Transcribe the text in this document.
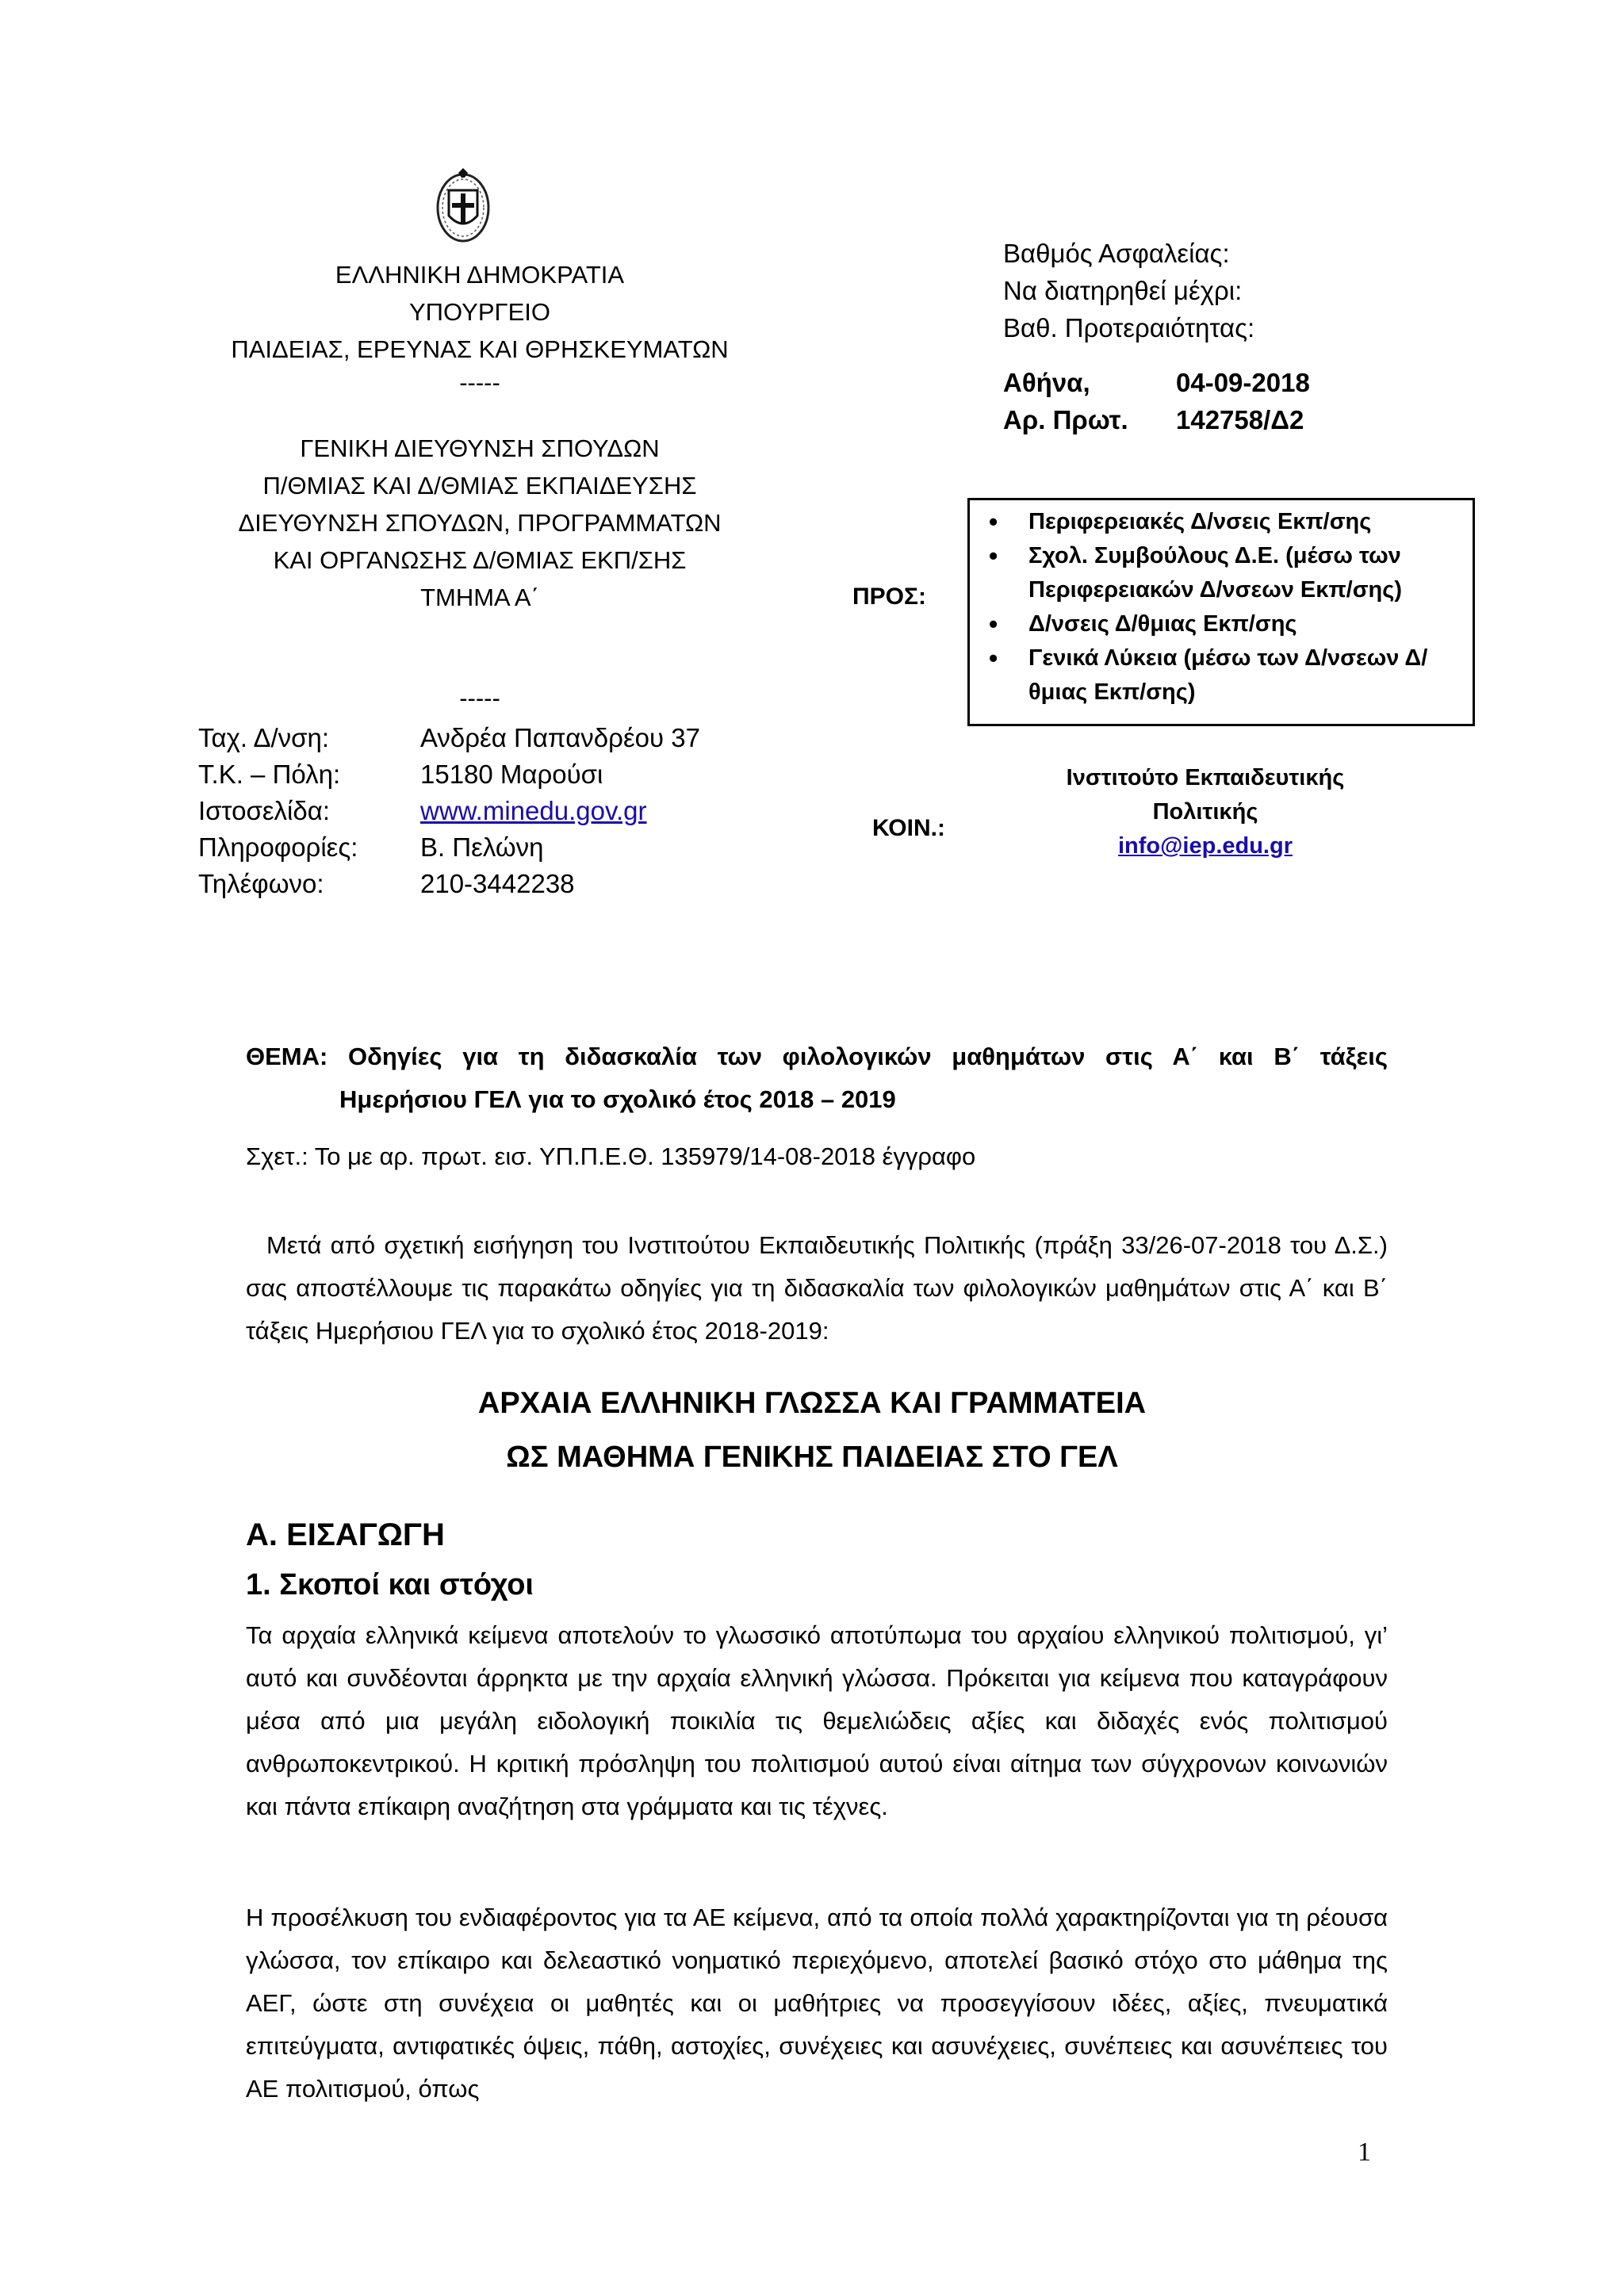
ΕΛΛΗΝΙΚΗ ΔΗΜΟΚΡΑΤΙΑ
ΥΠΟΥΡΓΕΙΟ
ΠΑΙΔΕΙΑΣ, ΕΡΕΥΝΑΣ ΚΑΙ ΘΡΗΣΚΕΥΜΑΤΩΝ
-----
ΓΕΝΙΚΗ ΔΙΕΥΘΥΝΣΗ ΣΠΟΥΔΩΝ
Π/ΘΜΙΑΣ ΚΑΙ Δ/ΘΜΙΑΣ ΕΚΠΑΙΔΕΥΣΗΣ
ΔΙΕΥΘΥΝΣΗ ΣΠΟΥΔΩΝ, ΠΡΟΓΡΑΜΜΑΤΩΝ
ΚΑΙ ΟΡΓΑΝΩΣΗΣ Δ/ΘΜΙΑΣ ΕΚΠ/ΣΗΣ
ΤΜΗΜΑ Α΄
-----
Ταχ. Δ/νση:	Ανδρέα Παπανδρέου 37
Τ.Κ. – Πόλη:	15180 Μαρούσι
Ιστοσελίδα:	www.minedu.gov.gr
Πληροφορίες: Β. Πελώνη
Τηλέφωνο:	210-3442238
Βαθμός Ασφαλείας:
Να διατηρηθεί μέχρι:
Βαθ. Προτεραιότητας:
Αθήνα,	04-09-2018
Αρ. Πρωτ. 142758/Δ2
ΠΡΟΣ:
• Περιφερειακές Δ/νσεις Εκπ/σης
• Σχολ. Συμβούλους Δ.Ε. (μέσω των Περιφερειακών Δ/νσεων Εκπ/σης)
• Δ/νσεις Δ/θμιας Εκπ/σης
• Γενικά Λύκεια (μέσω των Δ/νσεων Δ/θμιας Εκπ/σης)
ΚΟΙΝ.:
Ινστιτούτο Εκπαιδευτικής
Πολιτικής
info@iep.edu.gr
ΘΕΜΑ: Οδηγίες για τη διδασκαλία των φιλολογικών μαθημάτων στις Α΄ και Β΄ τάξεις
Ημερήσιου ΓΕΛ για το σχολικό έτος 2018 – 2019
Σχετ.: Το με αρ. πρωτ. εισ. ΥΠ.Π.Ε.Θ. 135979/14-08-2018 έγγραφο
Μετά από σχετική εισήγηση του Ινστιτούτου Εκπαιδευτικής Πολιτικής (πράξη 33/26-07-2018 του Δ.Σ.) σας αποστέλλουμε τις παρακάτω οδηγίες για τη διδασκαλία των φιλολογικών μαθημάτων στις Α΄ και Β΄ τάξεις Ημερήσιου ΓΕΛ για το σχολικό έτος 2018-2019:
ΑΡΧΑΙΑ ΕΛΛΗΝΙΚΗ ΓΛΩΣΣΑ ΚΑΙ ΓΡΑΜΜΑΤΕΙΑ
ΩΣ ΜΑΘΗΜΑ ΓΕΝΙΚΗΣ ΠΑΙΔΕΙΑΣ ΣΤΟ ΓΕΛ
Α. ΕΙΣΑΓΩΓΗ
1. Σκοποί και στόχοι
Τα αρχαία ελληνικά κείμενα αποτελούν το γλωσσικό αποτύπωμα του αρχαίου ελληνικού πολιτισμού, γι’ αυτό και συνδέονται άρρηκτα με την αρχαία ελληνική γλώσσα. Πρόκειται για κείμενα που καταγράφουν μέσα από μια μεγάλη ειδολογική ποικιλία τις θεμελιώδεις αξίες και διδαχές ενός πολιτισμού ανθρωποκεντρικού. Η κριτική πρόσληψη του πολιτισμού αυτού είναι αίτημα των σύγχρονων κοινωνιών και πάντα επίκαιρη αναζήτηση στα γράμματα και τις τέχνες.
Η προσέλκυση του ενδιαφέροντος για τα ΑΕ κείμενα, από τα οποία πολλά χαρακτηρίζονται για τη ρέουσα γλώσσα, τον επίκαιρο και δελεαστικό νοηματικό περιεχόμενο, αποτελεί βασικό στόχο στο μάθημα της ΑΕΓ, ώστε στη συνέχεια οι μαθητές και οι μαθήτριες να προσεγγίσουν ιδέες, αξίες, πνευματικά επιτεύγματα, αντιφατικές όψεις, πάθη, αστοχίες, συνέχειες και ασυνέχειες, συνέπειες και ασυνέπειες του ΑΕ πολιτισμού, όπως
1
